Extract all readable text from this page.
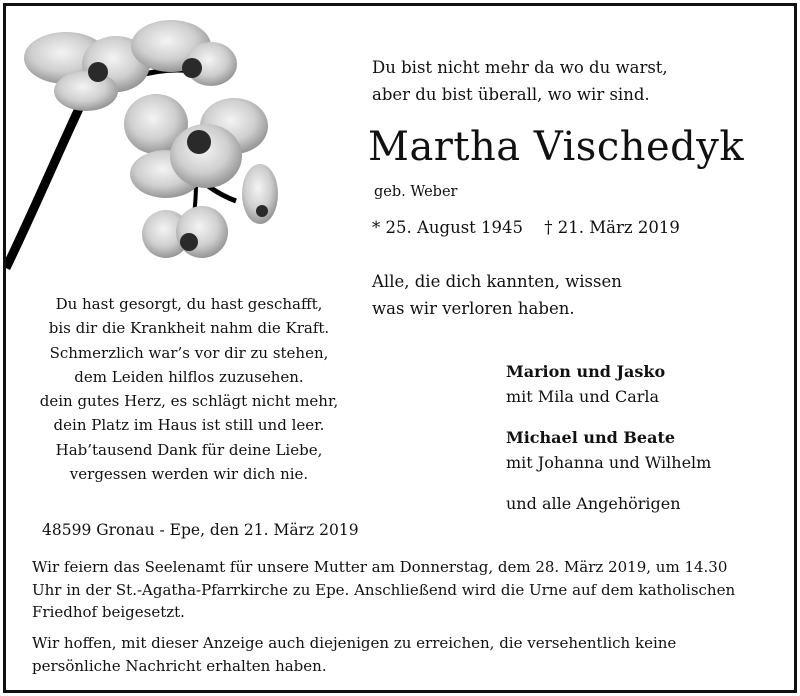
Du bist nicht mehr da wo du warst,
aber du bist überall, wo wir sind.
Martha Vischedyk
geb. Weber
* 25. August 1945 † 21. März 2019
Alle, die dich kannten, wissen
was wir verloren haben.
Du hast gesorgt, du hast geschafft,
bis dir die Krankheit nahm die Kraft.
Schmerzlich war’s vor dir zu stehen,
dem Leiden hilflos zuzusehen.
dein gutes Herz, es schlägt nicht mehr,
dein Platz im Haus ist still und leer.
Hab’tausend Dank für deine Liebe,
vergessen werden wir dich nie.
Marion und Jasko
mit Mila und Carla
Michael und Beate
mit Johanna und Wilhelm
und alle Angehörigen
48599 Gronau - Epe, den 21. März 2019
Wir feiern das Seelenamt für unsere Mutter am Donnerstag, dem 28. März 2019, um 14.30 Uhr in der St.-Agatha-Pfarrkirche zu Epe. Anschließend wird die Urne auf dem katholischen Friedhof beigesetzt.
Wir hoffen, mit dieser Anzeige auch diejenigen zu erreichen, die versehentlich keine persönliche Nachricht erhalten haben.
